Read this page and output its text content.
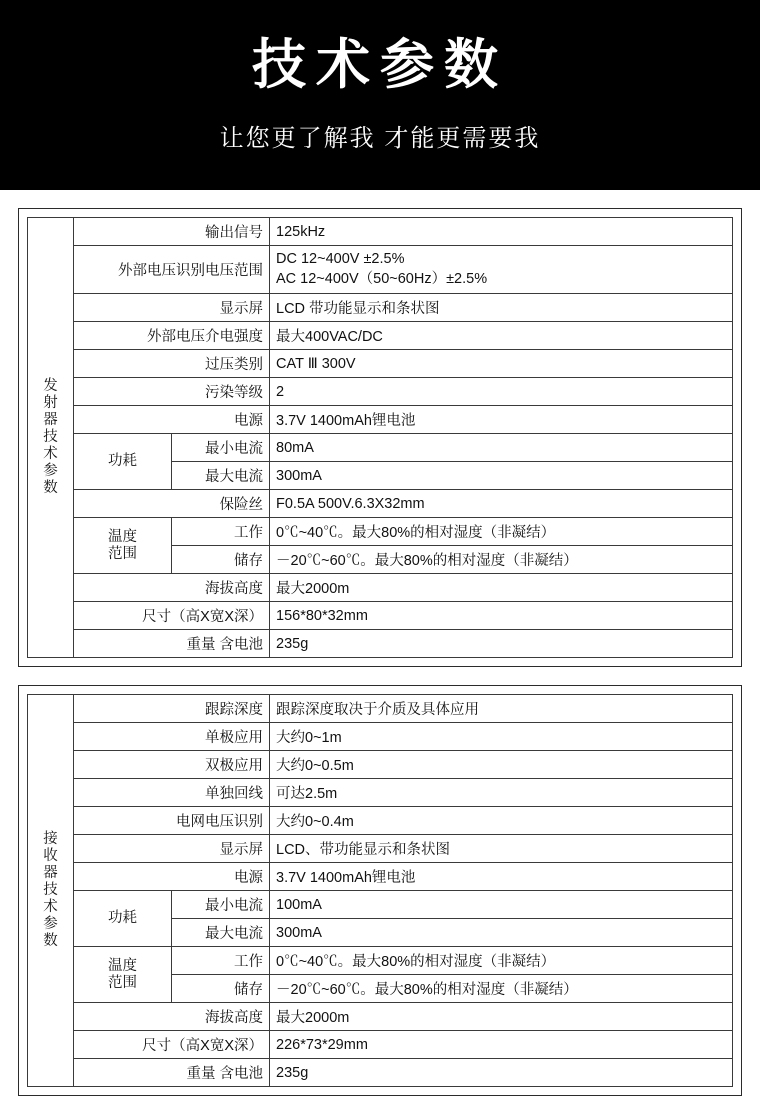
技术参数
让您更了解我 才能更需要我
发
射
器
技
术
参
数
	输出信号	125kHz
	外部电压识别电压范围		DC 12~400V ±2.5%
AC 12~400V（50~60Hz）±2.5%

	显示屏		LCD 带功能显示和条状图
	外部电压介电强度		最大400VAC/DC
	过压类别		CAT Ⅲ 300V
	污染等级		2
	电源		3.7V 1400mAh锂电池
	功耗	最小电流	80mA
		最大电流	300mA
	保险丝		F0.5A 500V.6.3X32mm

	温度
范围	工作	0℃~40℃。最大80%的相对湿度（非凝结）
		储存	－20℃~60℃。最大80%的相对湿度（非凝结）
	海拔高度		最大2000m
	尺寸（高X宽X深）		156*80*32mm
	重量 含电池		235g
接
收
器
技
术
参
数
	跟踪深度	跟踪深度取决于介质及具体应用
	单极应用		大约0~1m
	双极应用		大约0~0.5m
	单独回线		可达2.5m
	电网电压识别		大约0~0.4m
	显示屏		LCD、带功能显示和条状图
	电源		3.7V 1400mAh锂电池
	功耗	最小电流	100mA
		最大电流	300mA

	温度
范围	工作	0℃~40℃。最大80%的相对湿度（非凝结）
		储存	－20℃~60℃。最大80%的相对湿度（非凝结）
	海拔高度		最大2000m
	尺寸（高X宽X深）		226*73*29mm
	重量 含电池		235g
